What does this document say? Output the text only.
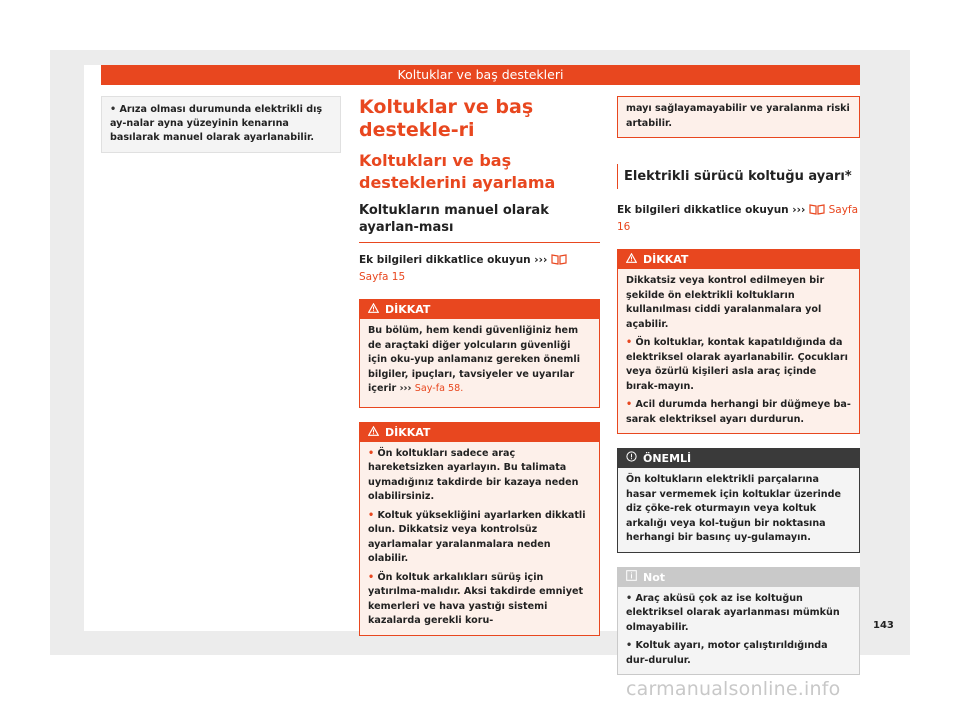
Koltuklar ve baş destekleri

• Arıza olması durumunda elektrikli dış ay-nalar ayna yüzeyinin kenarına basılarak manuel olarak ayarlanabilir.

Koltuklar ve baş destekle-ri
Koltukları ve baş desteklerini ayarlama
Koltukların manuel olarak ayarlan-ması

Ek bilgileri dikkatlice okuyun ›››  Sayfa 15

DİKKAT

Bu bölüm, hem kendi güvenliğiniz hem de araçtaki diğer yolcuların güvenliği için oku-yup anlamanız gereken önemli bilgiler, ipuçları, tavsiyeler ve uyarılar içerir ››› Say-fa 58.

DİKKAT

• Ön koltukları sadece araç hareketsizken ayarlayın. Bu talimata uymadığınız takdirde bir kazaya neden olabilirsiniz.

• Koltuk yüksekliğini ayarlarken dikkatli olun. Dikkatsiz veya kontrolsüz ayarlamalar yaralanmalara neden olabilir.

• Ön koltuk arkalıkları sürüş için yatırılma-malıdır. Aksi takdirde emniyet kemerleri ve hava yastığı sistemi kazalarda gerekli koru-

mayı sağlayamayabilir ve yaralanma riski artabilir.

Elektrikli sürücü koltuğu ayarı*

Ek bilgileri dikkatlice okuyun ››› Sayfa 16

DİKKAT

Dikkatsiz veya kontrol edilmeyen bir şekilde ön elektrikli koltukların kullanılması ciddi yaralanmalara yol açabilir.

• Ön koltuklar, kontak kapatıldığında da elektriksel olarak ayarlanabilir. Çocukları veya özürlü kişileri asla araç içinde bırak-mayın.

• Acil durumda herhangi bir düğmeye ba-sarak elektriksel ayarı durdurun.

ÖNEMLİ

Ön koltukların elektrikli parçalarına hasar vermemek için koltuklar üzerinde diz çöke-rek oturmayın veya koltuk arkalığı veya kol-tuğun bir noktasına herhangi bir basınç uy-gulamayın.

Not

• Araç aküsü çok az ise koltuğun elektriksel olarak ayarlanması mümkün olmayabilir.

• Koltuk ayarı, motor çalıştırıldığında dur-durulur.

143
carmanualsonline.info
